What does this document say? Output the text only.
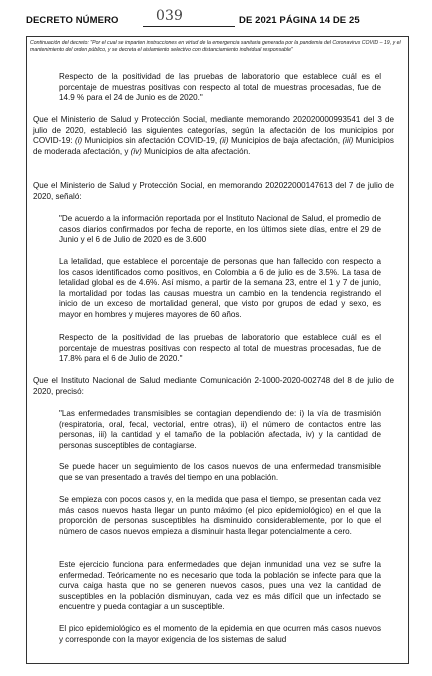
DECRETO NÚMERO	039	DE 2021 PÁGINA 14 DE 25
Continuación del decreto: "Por el cual se imparten instrucciones en virtud de la emergencia sanitaria generada por la pandemia del Coronavirus COVID – 19, y el mantenimiento del orden público, y se decreta el aislamiento selectivo con distanciamiento individual responsable"

Respecto de la positividad de las pruebas de laboratorio que establece cuál es el porcentaje de muestras positivas con respecto al total de muestras procesadas, fue de 14.9 % para el 24 de Junio es de 2020."

Que el Ministerio de Salud y Protección Social, mediante memorando 202020000993541 del 3 de julio de 2020, estableció las siguientes categorías, según la afectación de los municipios por COVID-19: (i) Municipios sin afectación COVID-19, (ii) Municipios de baja afectación, (iii) Municipios de moderada afectación, y (iv) Municipios de alta afectación.

Que el Ministerio de Salud y Protección Social, en memorando 202022000147613 del 7 de julio de 2020, señaló:

"De acuerdo a la información reportada por el Instituto Nacional de Salud, el promedio de casos diarios confirmados por fecha de reporte, en los últimos siete días, entre el 29 de Junio y el 6 de Julio de 2020 es de 3.600

La letalidad, que establece el porcentaje de personas que han fallecido con respecto a los casos identificados como positivos, en Colombia a 6 de julio es de 3.5%. La tasa de letalidad global es de 4.6%. Así mismo, a partir de la semana 23, entre el 1 y 7 de junio, la mortalidad por todas las causas muestra un cambio en la tendencia registrando el inicio de un exceso de mortalidad general, que visto por grupos de edad y sexo, es mayor en hombres y mujeres mayores de 60 años.

Respecto de la positividad de las pruebas de laboratorio que establece cuál es el porcentaje de muestras positivas con respecto al total de muestras procesadas, fue de 17.8% para el 6 de Julio de 2020."

Que el Instituto Nacional de Salud mediante Comunicación 2-1000-2020-002748 del 8 de julio de 2020, precisó:

"Las enfermedades transmisibles se contagian dependiendo de: i) la vía de trasmisión (respiratoria, oral, fecal, vectorial, entre otras), ii) el número de contactos entre las personas, iii) la cantidad y el tamaño de la población afectada, iv) y la cantidad de personas susceptibles de contagiarse.

Se puede hacer un seguimiento de los casos nuevos de una enfermedad transmisible que se van presentado a través del tiempo en una población.

Se empieza con pocos casos y, en la medida que pasa el tiempo, se presentan cada vez más casos nuevos hasta llegar un punto máximo (el pico epidemiológico) en el que la proporción de personas susceptibles ha disminuido considerablemente, por lo que el número de casos nuevos empieza a disminuir hasta llegar potencialmente a cero.

Este ejercicio funciona para enfermedades que dejan inmunidad una vez se sufre la enfermedad. Teóricamente no es necesario que toda la población se infecte para que la curva caiga hasta que no se generen nuevos casos, pues una vez la cantidad de susceptibles en la población disminuyan, cada vez es más difícil que un infectado se encuentre y pueda contagiar a un susceptible.

El pico epidemiológico es el momento de la epidemia en que ocurren más casos nuevos y corresponde con la mayor exigencia de los sistemas de salud
